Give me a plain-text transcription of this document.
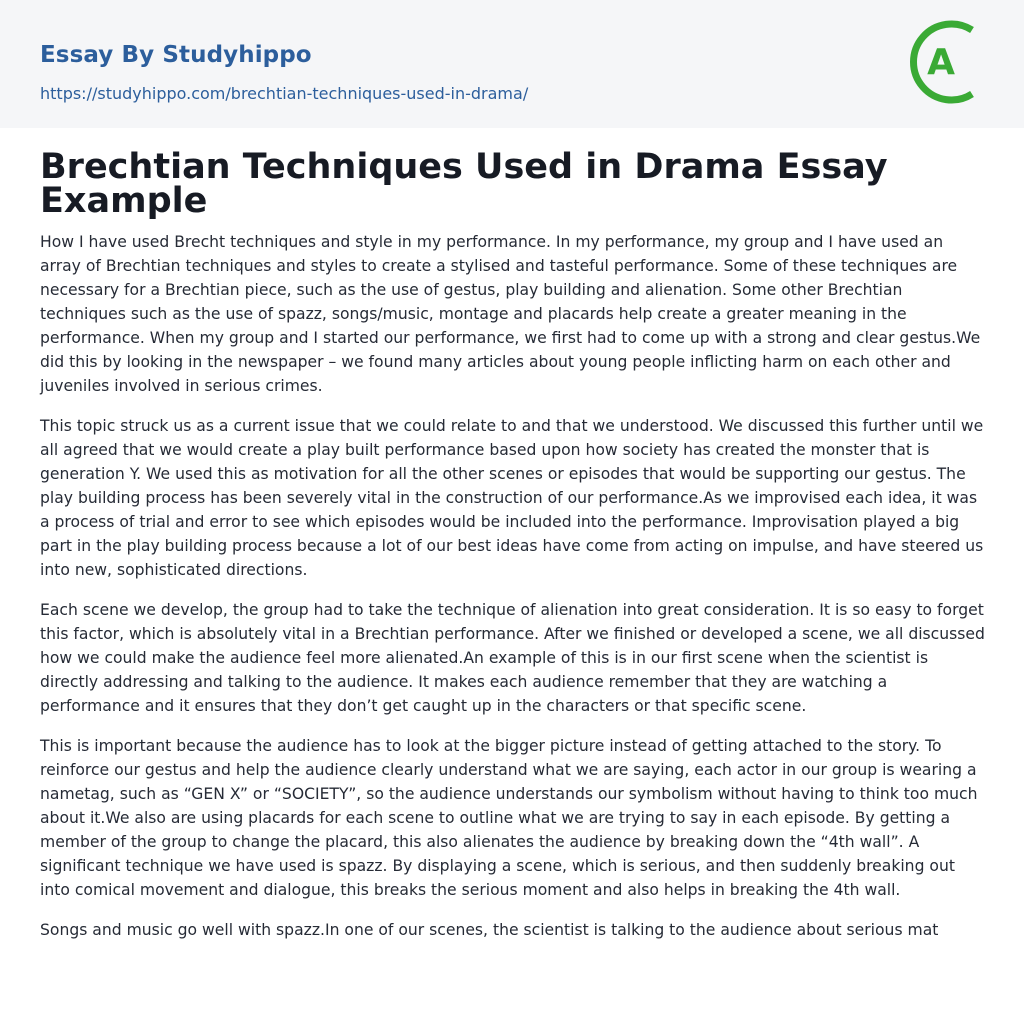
Essay By Studyhippo
https://studyhippo.com/brechtian-techniques-used-in-drama/
A
Brechtian Techniques Used in Drama Essay Example

How I have used Brecht techniques and style in my performance. In my performance, my group and I have used an array of Brechtian techniques and styles to create a stylised and tasteful performance. Some of these techniques are necessary for a Brechtian piece, such as the use of gestus, play building and alienation. Some other Brechtian techniques such as the use of spazz, songs/music, montage and placards help create a greater meaning in the performance. When my group and I started our performance, we first had to come up with a strong and clear gestus.We did this by looking in the newspaper – we found many articles about young people inflicting harm on each other and juveniles involved in serious crimes.

This topic struck us as a current issue that we could relate to and that we understood. We discussed this further until we all agreed that we would create a play built performance based upon how society has created the monster that is generation Y. We used this as motivation for all the other scenes or episodes that would be supporting our gestus. The play building process has been severely vital in the construction of our performance.As we improvised each idea, it was a process of trial and error to see which episodes would be included into the performance. Improvisation played a big part in the play building process because a lot of our best ideas have come from acting on impulse, and have steered us into new, sophisticated directions.

Each scene we develop, the group had to take the technique of alienation into great consideration. It is so easy to forget this factor, which is absolutely vital in a Brechtian performance. After we finished or developed a scene, we all discussed how we could make the audience feel more alienated.An example of this is in our first scene when the scientist is directly addressing and talking to the audience. It makes each audience remember that they are watching a performance and it ensures that they don’t get caught up in the characters or that specific scene.

This is important because the audience has to look at the bigger picture instead of getting attached to the story. To reinforce our gestus and help the audience clearly understand what we are saying, each actor in our group is wearing a nametag, such as “GEN X” or “SOCIETY”, so the audience understands our symbolism without having to think too much about it.We also are using placards for each scene to outline what we are trying to say in each episode. By getting a member of the group to change the placard, this also alienates the audience by breaking down the “4th wall”. A significant technique we have used is spazz. By displaying a scene, which is serious, and then suddenly breaking out into comical movement and dialogue, this breaks the serious moment and also helps in breaking the 4th wall.

Songs and music go well with spazz.In one of our scenes, the scientist is talking to the audience about serious mat
